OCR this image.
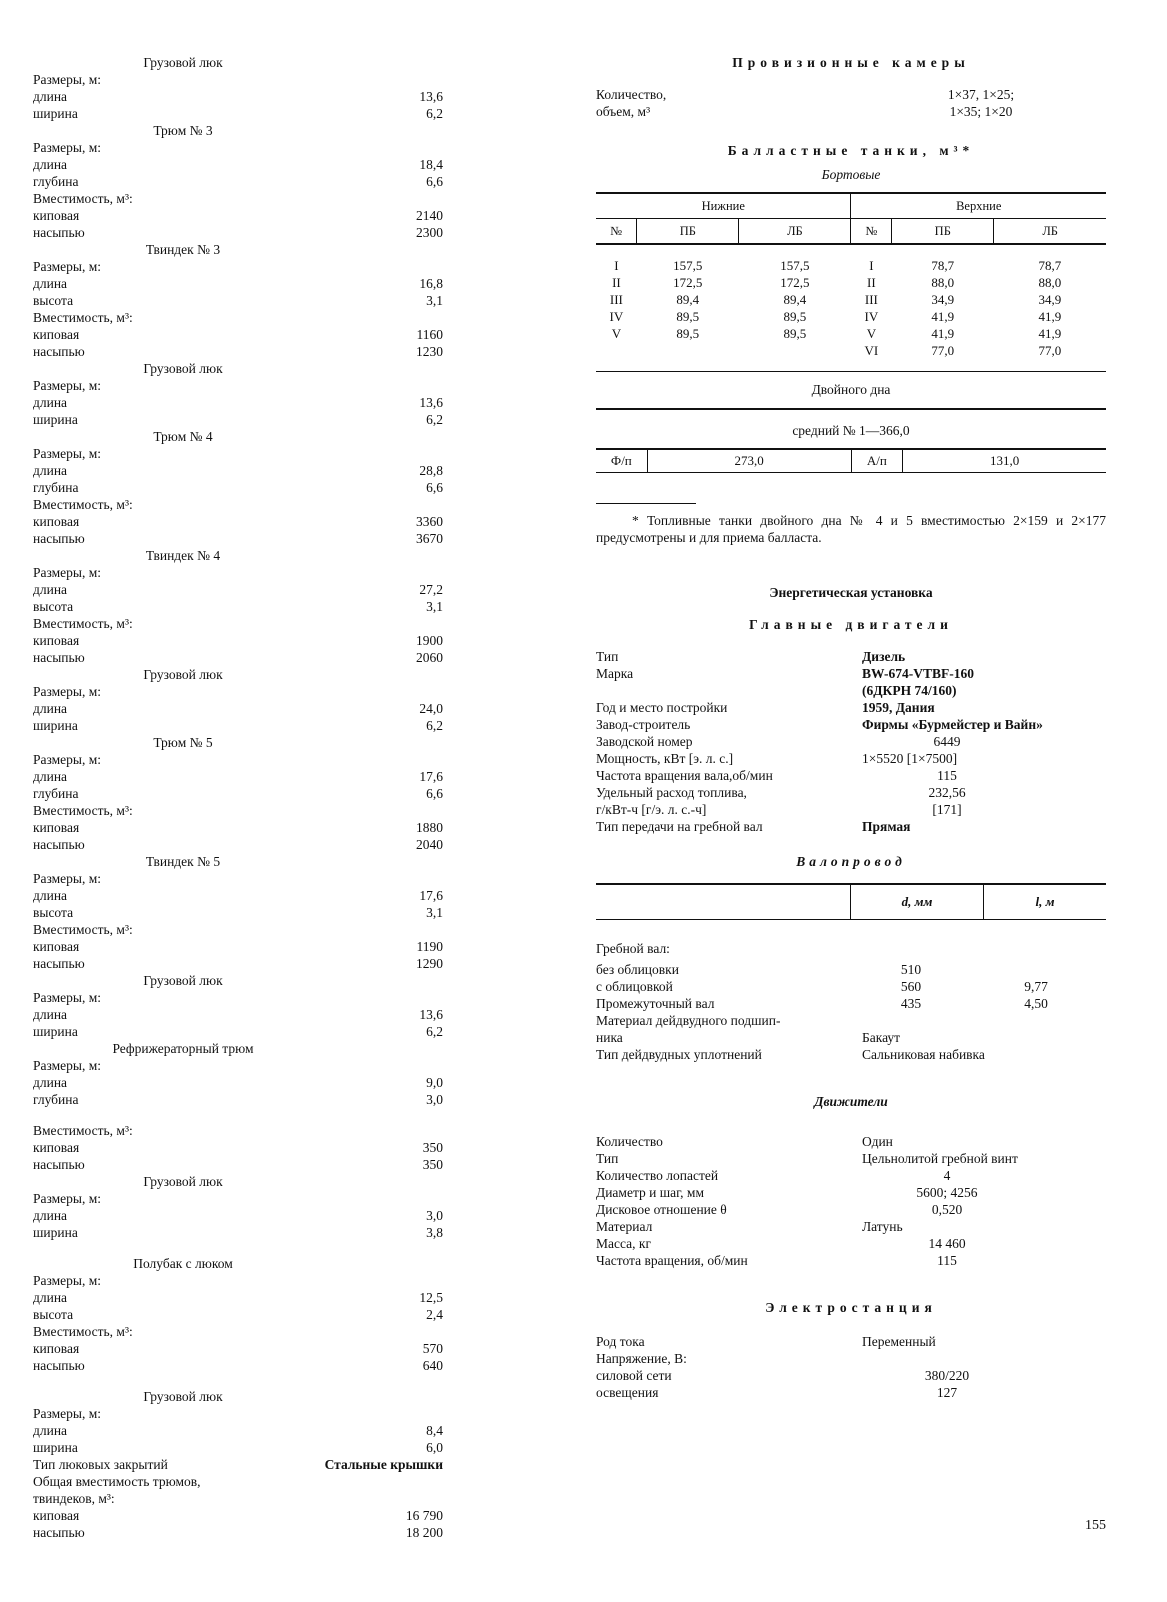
Грузовой люк
Размеры, м:
длина	13,6
ширина	6,2
Трюм № 3
Размеры, м:
длина	18,4
глубина	6,6
Вместимость, м³:
киповая	2140
насыпью	2300
Твиндек № 3
Размеры, м:
длина	16,8
высота	3,1
Вместимость, м³:
киповая	1160
насыпью	1230
Грузовой люк
Размеры, м:
длина	13,6
ширина	6,2
Трюм № 4
Размеры, м:
длина	28,8
глубина	6,6
Вместимость, м³:
киповая	3360
насыпью	3670
Твиндек № 4
Размеры, м:
длина	27,2
высота	3,1
Вместимость, м³:
киповая	1900
насыпью	2060
Грузовой люк
Размеры, м:
длина	24,0
ширина	6,2
Трюм № 5
Размеры, м:
длина	17,6
глубина	6,6
Вместимость, м³:
киповая	1880
насыпью	2040
Твиндек № 5
Размеры, м:
длина	17,6
высота	3,1
Вместимость, м³:
киповая	1190
насыпью	1290
Грузовой люк
Размеры, м:
длина	13,6
ширина	6,2
Рефрижераторный трюм
Размеры, м:
длина	9,0
глубина	3,0
Вместимость, м³:
киповая	350
насыпью	350
Грузовой люк
Размеры, м:
длина	3,0
ширина	3,8
Полубак с люком
Размеры, м:
длина	12,5
высота	2,4
Вместимость, м³:
киповая	570
насыпью	640
Грузовой люк
Размеры, м:
длина	8,4
ширина	6,0
Тип люковых закрытий	Стальные крышки
Общая вместимость трюмов,
твиндеков, м³:
киповая	16 790
насыпью	18 200
Провизионные камеры
Количество,	1×37, 1×25;
объем, м³	1×35; 1×20
Балластные танки, м³*
Бортовые
Нижние			Верхние		
№	ПБ	ЛБ	№	ПБ	ЛБ

I	157,5	157,5	I	78,7	78,7
II	172,5	172,5	II	88,0	88,0
III	89,4	89,4	III	34,9	34,9
IV	89,5	89,5	IV	41,9	41,9
V	89,5	89,5	V	41,9	41,9
			VI	77,0	77,0
Двойного дна
средний № 1—366,0
Ф/п	273,0	А/п	131,0
* Топливные танки двойного дна № 4 и 5 вместимостью 2×159 и 2×177 предусмотрены и для приема балласта.
Энергетическая установка
Главные двигатели
Тип	Дизель
Марка	BW-674-VTBF-160
(6ДКРН 74/160)
Год и место постройки	1959, Дания
Завод-строитель	Фирмы «Бурмейстер и Вайн»
Заводской номер	6449
Мощность, кВт [э. л. с.]	1×5520 [1×7500]
Частота вращения вала,об/мин	115
Удельный расход топлива,	232,56
г/кВт-ч [г/э. л. с.-ч]	[171]
Тип передачи на гребной вал	Прямая
Валопровод
d, мм	l, м
Гребной вал:
без облицовки	510
с облицовкой	560	9,77
Промежуточный вал	435	4,50
Материал дейдвудного подшип-
ника	Бакаут
Тип дейдвудных уплотнений	Сальниковая набивка
Движители
Количество	Один
Тип	Цельнолитой гребной винт
Количество лопастей	4
Диаметр и шаг, мм	5600; 4256
Дисковое отношение θ	0,520
Материал	Латунь
Масса, кг	14 460
Частота вращения, об/мин	115
Электростанция
Род тока	Переменный
Напряжение, В:
силовой сети	380/220
освещения	127
155
